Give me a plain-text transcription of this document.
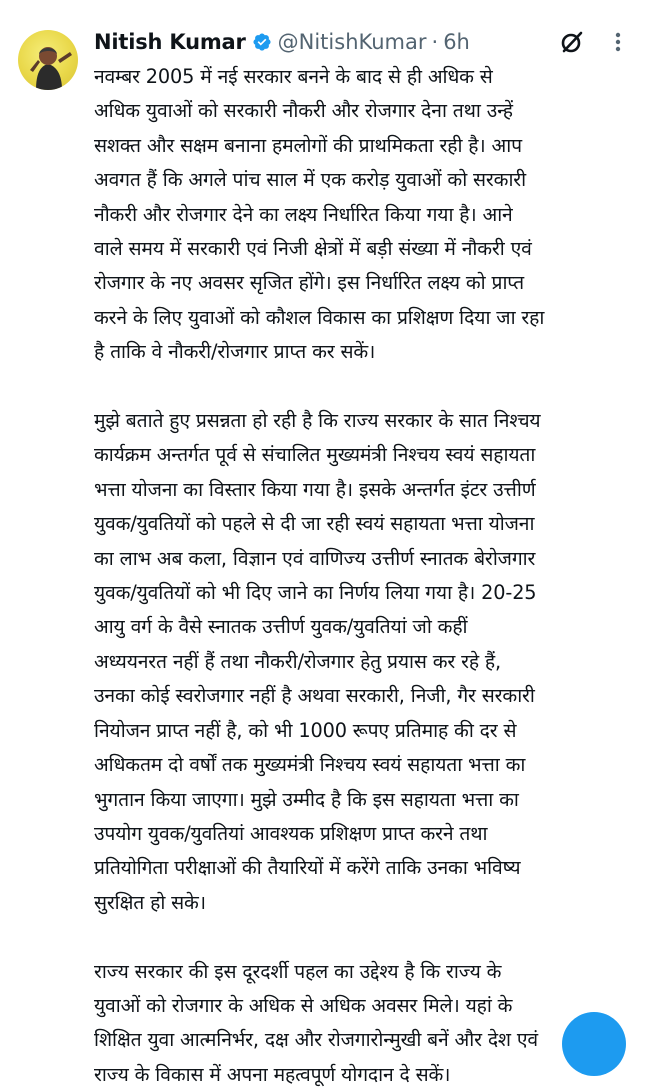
Nitish Kumar @NitishKumar · 6h

नवम्बर 2005 में नई सरकार बनने के बाद से ही अधिक से
अधिक युवाओं को सरकारी नौकरी और रोजगार देना तथा उन्हें
सशक्त और सक्षम बनाना हमलोगों की प्राथमिकता रही है। आप
अवगत हैं कि अगले पांच साल में एक करोड़ युवाओं को सरकारी
नौकरी और रोजगार देने का लक्ष्य निर्धारित किया गया है। आने
वाले समय में सरकारी एवं निजी क्षेत्रों में बड़ी संख्या में नौकरी एवं
रोजगार के नए अवसर सृजित होंगे। इस निर्धारित लक्ष्य को प्राप्त
करने के लिए युवाओं को कौशल विकास का प्रशिक्षण दिया जा रहा
है ताकि वे नौकरी/रोजगार प्राप्त कर सकें।

मुझे बताते हुए प्रसन्नता हो रही है कि राज्य सरकार के सात निश्चय
कार्यक्रम अन्तर्गत पूर्व से संचालित मुख्यमंत्री निश्चय स्वयं सहायता
भत्ता योजना का विस्तार किया गया है। इसके अन्तर्गत इंटर उत्तीर्ण
युवक/युवतियों को पहले से दी जा रही स्वयं सहायता भत्ता योजना
का लाभ अब कला, विज्ञान एवं वाणिज्य उत्तीर्ण स्नातक बेरोजगार
युवक/युवतियों को भी दिए जाने का निर्णय लिया गया है। 20-25
आयु वर्ग के वैसे स्नातक उत्तीर्ण युवक/युवतियां जो कहीं
अध्ययनरत नहीं हैं तथा नौकरी/रोजगार हेतु प्रयास कर रहे हैं,
उनका कोई स्वरोजगार नहीं है अथवा सरकारी, निजी, गैर सरकारी
नियोजन प्राप्त नहीं है, को भी 1000 रूपए प्रतिमाह की दर से
अधिकतम दो वर्षों तक मुख्यमंत्री निश्चय स्वयं सहायता भत्ता का
भुगतान किया जाएगा। मुझे उम्मीद है कि इस सहायता भत्ता का
उपयोग युवक/युवतियां आवश्यक प्रशिक्षण प्राप्त करने तथा
प्रतियोगिता परीक्षाओं की तैयारियों में करेंगे ताकि उनका भविष्य
सुरक्षित हो सके।

राज्य सरकार की इस दूरदर्शी पहल का उद्देश्य है कि राज्य के
युवाओं को रोजगार के अधिक से अधिक अवसर मिले। यहां के
शिक्षित युवा आत्मनिर्भर, दक्ष और रोजगारोन्मुखी बनें और देश एवं
राज्य के विकास में अपना महत्वपूर्ण योगदान दे सकें।
